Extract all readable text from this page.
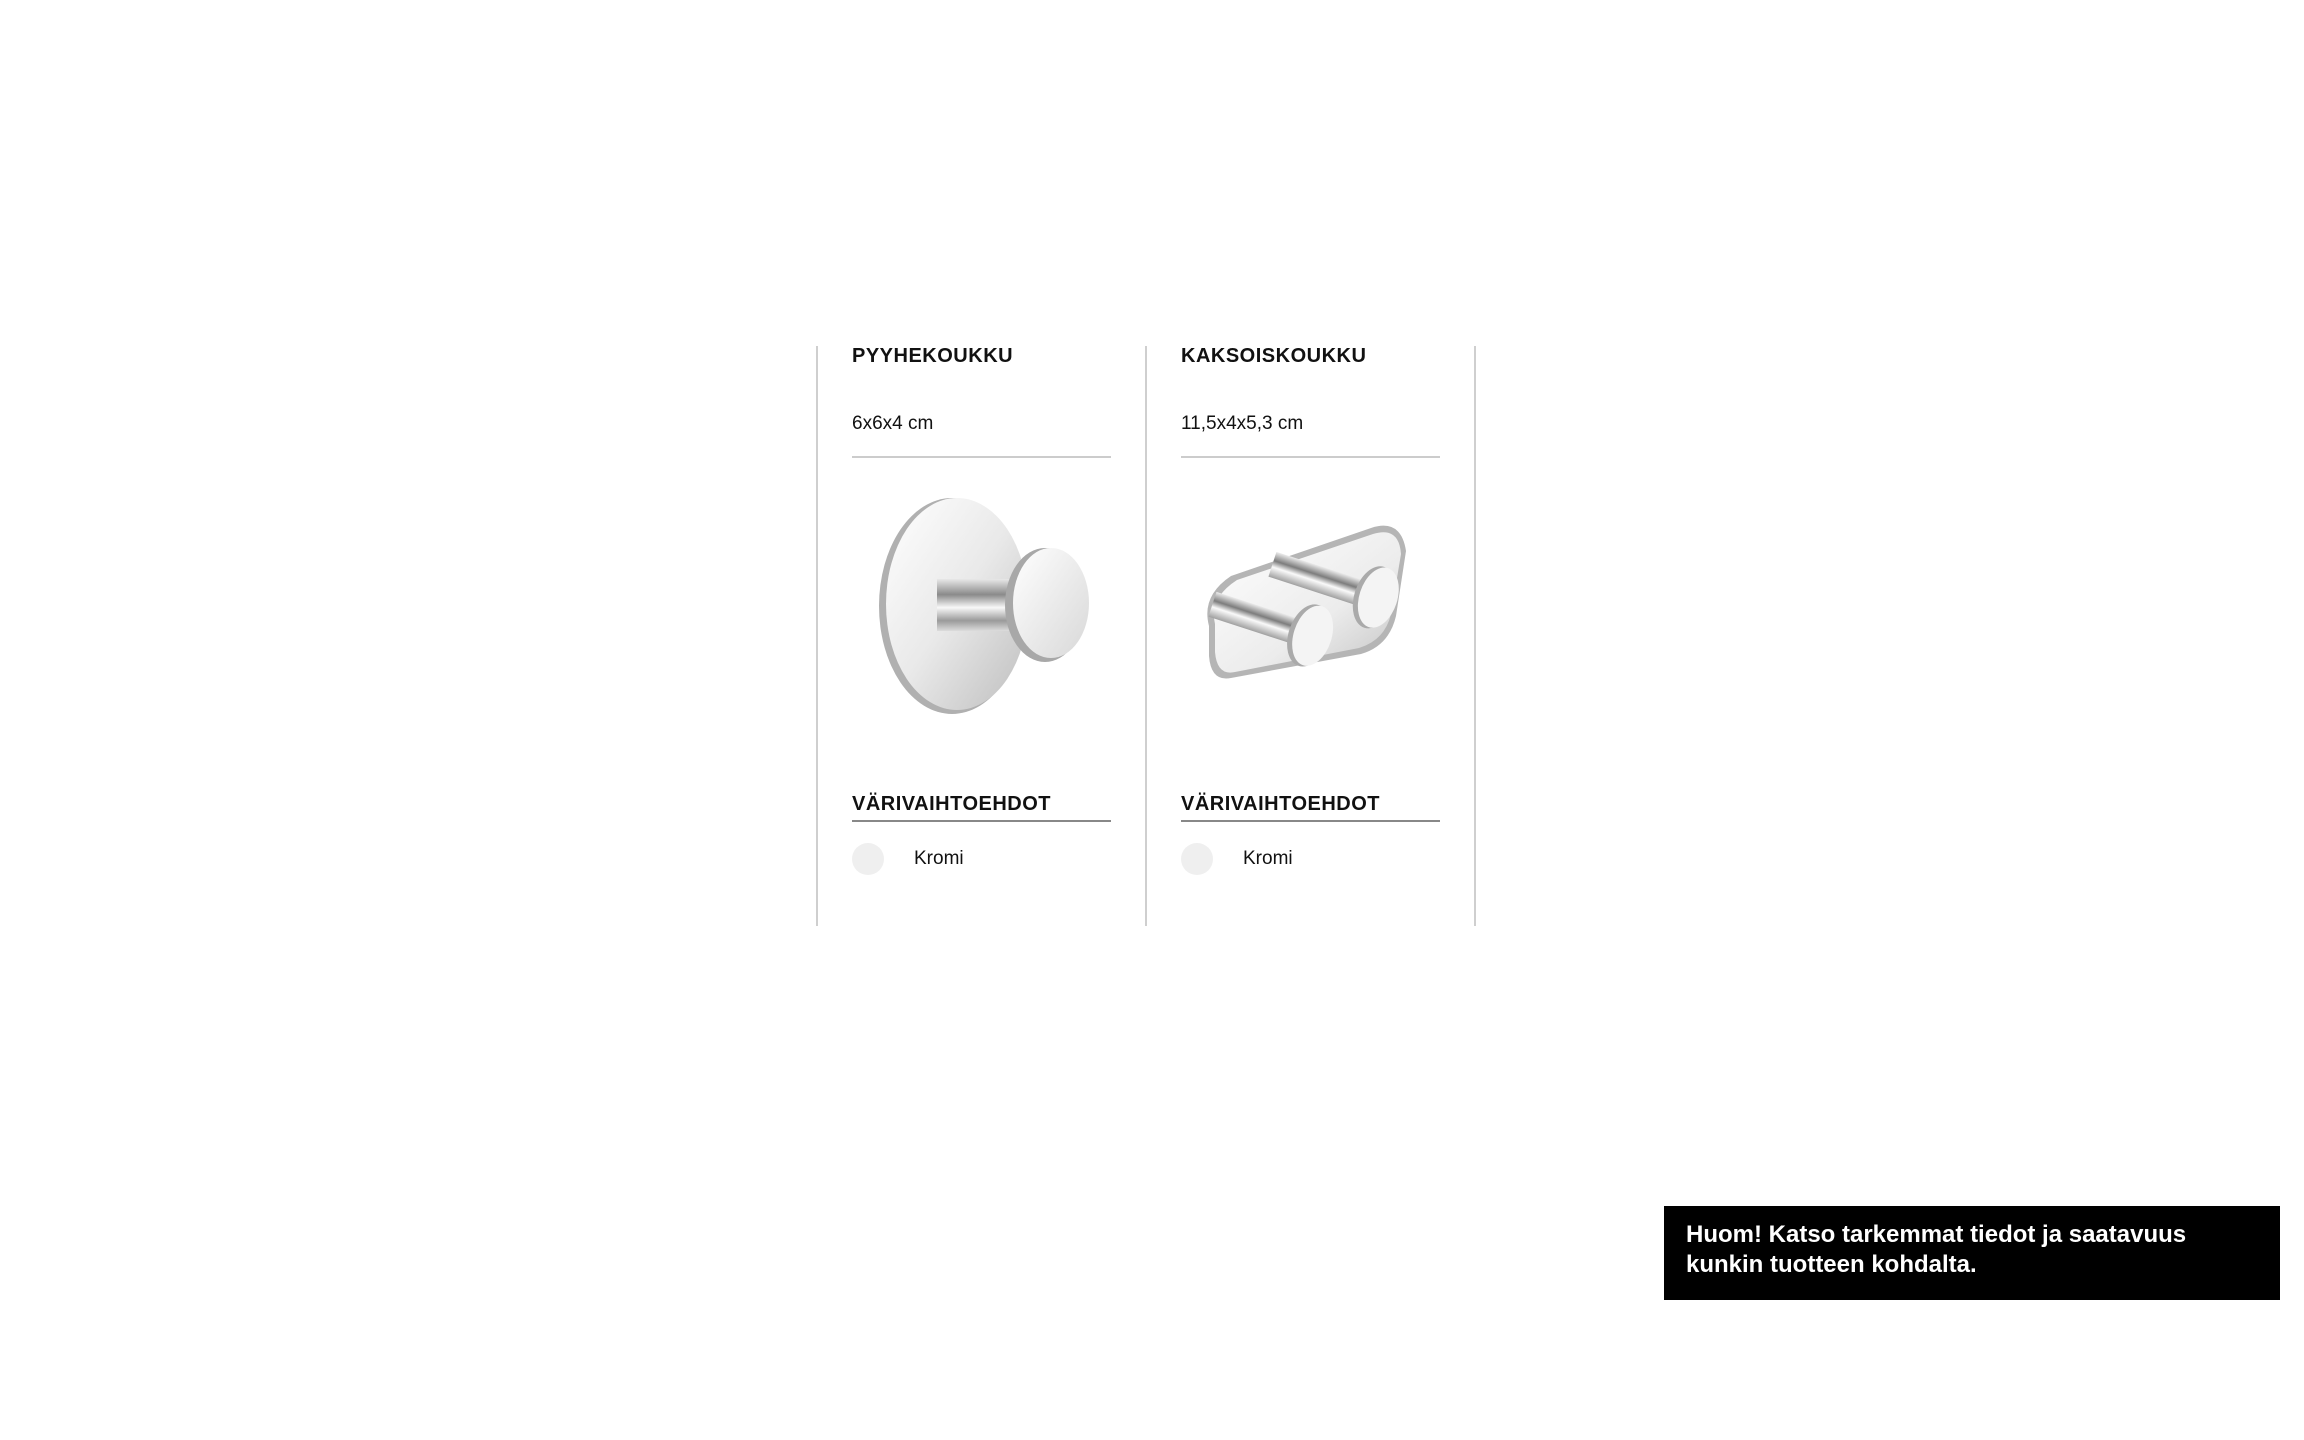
PYYHEKOUKKU

6x6x4 cm

VÄRIVAIHTOEHDOT
Kromi
KAKSOISKOUKKU

11,5x4x5,3 cm

VÄRIVAIHTOEHDOT
Kromi
Huom! Katso tarkemmat tiedot ja saatavuus kunkin tuotteen kohdalta.
